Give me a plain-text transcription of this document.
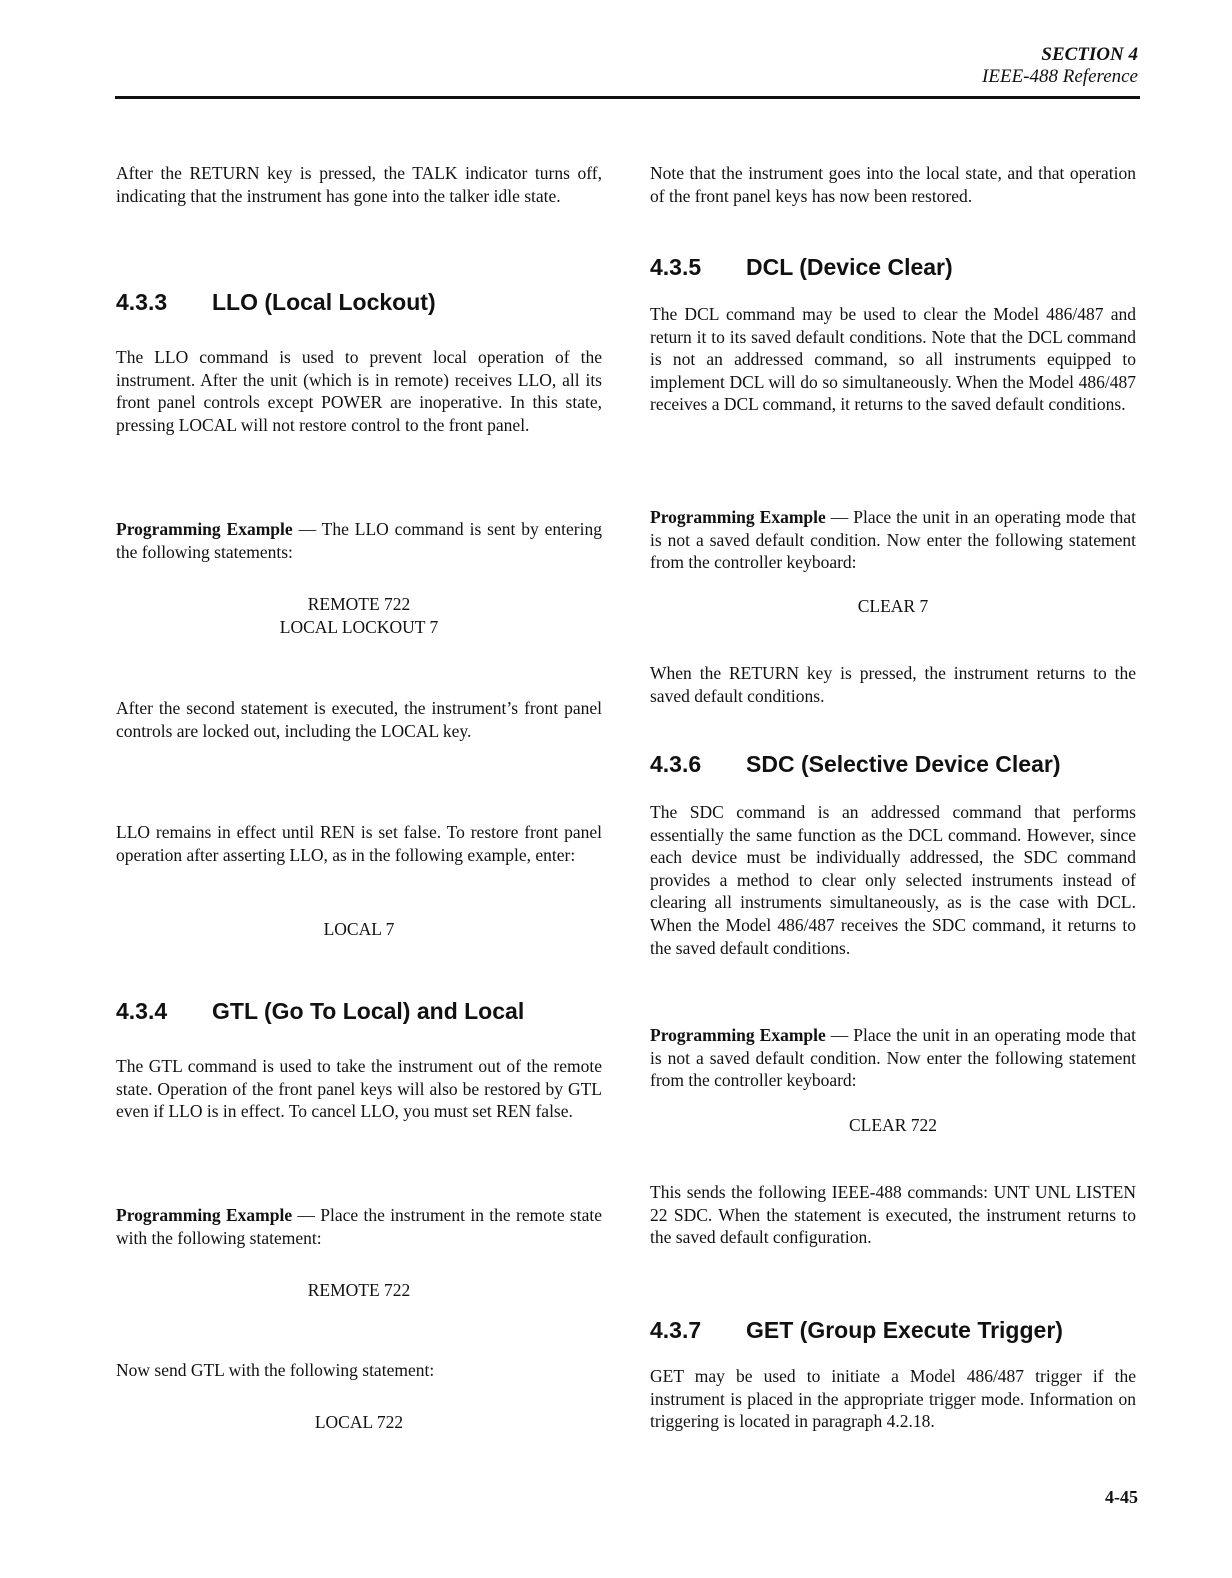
SECTION 4
IEEE-488 Reference

After the RETURN key is pressed, the TALK indicator turns off, indicating that the instrument has gone into the talker idle state.

4.3.3 LLO (Local Lockout)

The LLO command is used to prevent local operation of the instrument. After the unit (which is in remote) receives LLO, all its front panel controls except POWER are inoperative. In this state, pressing LOCAL will not restore control to the front panel.

Programming Example — The LLO command is sent by entering the following statements:

REMOTE 722

LOCAL LOCKOUT 7

After the second statement is executed, the instrument’s front panel controls are locked out, including the LOCAL key.

LLO remains in effect until REN is set false. To restore front panel operation after asserting LLO, as in the following example, enter:

LOCAL 7

4.3.4 GTL (Go To Local) and Local

The GTL command is used to take the instrument out of the remote state. Operation of the front panel keys will also be restored by GTL even if LLO is in effect. To cancel LLO, you must set REN false.

Programming Example — Place the instrument in the remote state with the following statement:

REMOTE 722

Now send GTL with the following statement:

LOCAL 722

Note that the instrument goes into the local state, and that operation of the front panel keys has now been restored.

4.3.5 DCL (Device Clear)

The DCL command may be used to clear the Model 486/487 and return it to its saved default conditions. Note that the DCL command is not an addressed command, so all instruments equipped to implement DCL will do so simultaneously. When the Model 486/487 receives a DCL command, it returns to the saved default conditions.

Programming Example — Place the unit in an operating mode that is not a saved default condition. Now enter the following statement from the controller keyboard:

CLEAR 7

When the RETURN key is pressed, the instrument returns to the saved default conditions.

4.3.6 SDC (Selective Device Clear)

The SDC command is an addressed command that performs essentially the same function as the DCL command. However, since each device must be individually addressed, the SDC command provides a method to clear only selected instruments instead of clearing all instruments simultaneously, as is the case with DCL. When the Model 486/487 receives the SDC command, it returns to the saved default conditions.

Programming Example — Place the unit in an operating mode that is not a saved default condition. Now enter the following statement from the controller keyboard:

CLEAR 722

This sends the following IEEE-488 commands: UNT UNL LISTEN 22 SDC. When the statement is executed, the instrument returns to the saved default configuration.

4.3.7 GET (Group Execute Trigger)

GET may be used to initiate a Model 486/487 trigger if the instrument is placed in the appropriate trigger mode. Information on triggering is located in paragraph 4.2.18.

4-45
